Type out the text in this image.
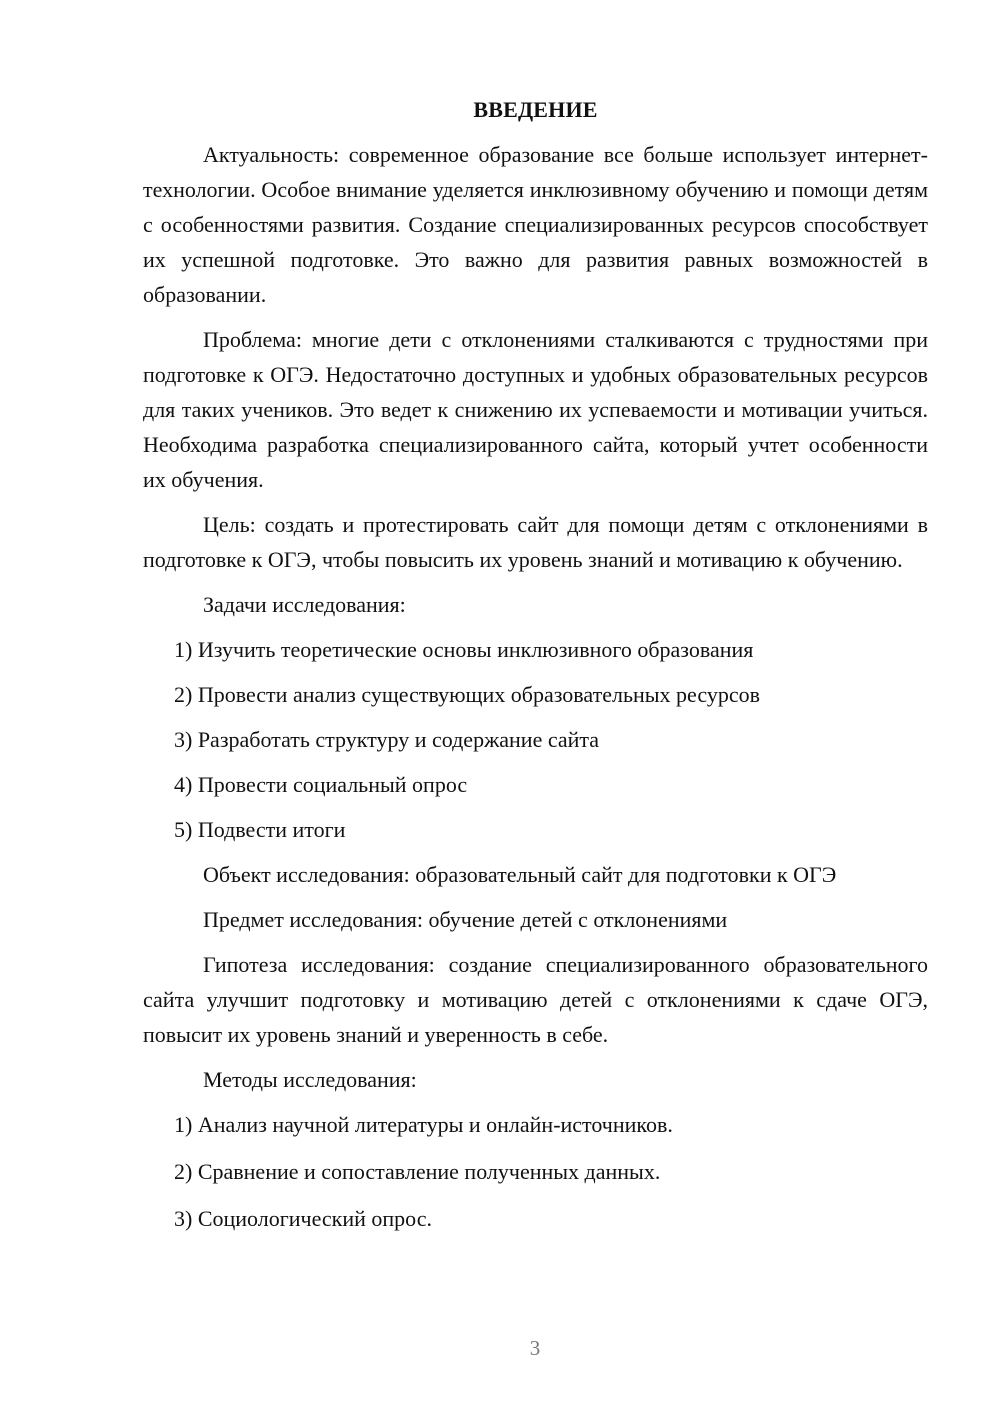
ВВЕДЕНИЕ

Актуальность: современное образование все больше использует интернет-технологии. Особое внимание уделяется инклюзивному обучению и помощи детям с особенностями развития. Создание специализированных ресурсов способствует их успешной подготовке. Это важно для развития равных возможностей в образовании.

Проблема: многие дети с отклонениями сталкиваются с трудностями при подготовке к ОГЭ. Недостаточно доступных и удобных образовательных ресурсов для таких учеников. Это ведет к снижению их успеваемости и мотивации учиться. Необходима разработка специализированного сайта, который учтет особенности их обучения.

Цель: создать и протестировать сайт для помощи детям с отклонениями в подготовке к ОГЭ, чтобы повысить их уровень знаний и мотивацию к обучению.

Задачи исследования:

1) Изучить теоретические основы инклюзивного образования
2) Провести анализ существующих образовательных ресурсов
3) Разработать структуру и содержание сайта
4) Провести социальный опрос
5) Подвести итоги

Объект исследования: образовательный сайт для подготовки к ОГЭ

Предмет исследования: обучение детей с отклонениями

Гипотеза исследования: создание специализированного образовательного сайта улучшит подготовку и мотивацию детей с отклонениями к сдаче ОГЭ, повысит их уровень знаний и уверенность в себе.

Методы исследования:

1) Анализ научной литературы и онлайн-источников.
2) Сравнение и сопоставление полученных данных.
3) Социологический опрос.
3
